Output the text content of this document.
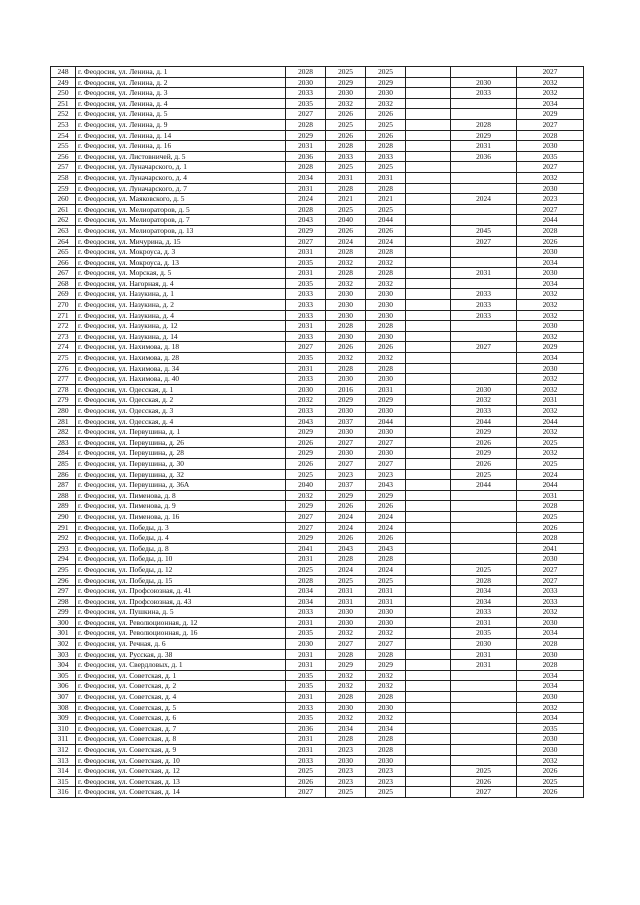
248	г. Феодосия, ул. Ленина, д. 1	2028	2025	2025			2027
249	г. Феодосия, ул. Ленина, д. 2	2030	2029	2029		2030	2032
250	г. Феодосия, ул. Ленина, д. 3	2033	2030	2030		2033	2032
251	г. Феодосия, ул. Ленина, д. 4	2035	2032	2032			2034
252	г. Феодосия, ул. Ленина, д. 5	2027	2026	2026			2029
253	г. Феодосия, ул. Ленина, д. 9	2028	2025	2025		2028	2027
254	г. Феодосия, ул. Ленина, д. 14	2029	2026	2026		2029	2028
255	г. Феодосия, ул. Ленина, д. 16	2031	2028	2028		2031	2030
256	г. Феодосия, ул. Листовничей, д. 5	2036	2033	2033		2036	2035
257	г. Феодосия, ул. Луначарского, д. 1	2028	2025	2025			2027
258	г. Феодосия, ул. Луначарского, д. 4	2034	2031	2031			2032
259	г. Феодосия, ул. Луначарского, д. 7	2031	2028	2028			2030
260	г. Феодосия, ул. Маяковского, д. 5	2024	2021	2021		2024	2023
261	г. Феодосия, ул. Мелиораторов, д. 5	2028	2025	2025			2027
262	г. Феодосия, ул. Мелиораторов, д. 7	2043	2040	2044			2044
263	г. Феодосия, ул. Мелиораторов, д. 13	2029	2026	2026		2045	2028
264	г. Феодосия, ул. Мичурина, д. 15	2027	2024	2024		2027	2026
265	г. Феодосия, ул. Мокроуса, д. 3	2031	2028	2028			2030
266	г. Феодосия, ул. Мокроуса, д. 13	2035	2032	2032			2034
267	г. Феодосия, ул. Морская, д. 5	2031	2028	2028		2031	2030
268	г. Феодосия, ул. Нагорная, д. 4	2035	2032	2032			2034
269	г. Феодосия, ул. Назукина, д. 1	2033	2030	2030		2033	2032
270	г. Феодосия, ул. Назукина, д. 2	2033	2030	2030		2033	2032
271	г. Феодосия, ул. Назукина, д. 4	2033	2030	2030		2033	2032
272	г. Феодосия, ул. Назукина, д. 12	2031	2028	2028			2030
273	г. Феодосия, ул. Назукина, д. 14	2033	2030	2030			2032
274	г. Феодосия, ул. Нахимова, д. 18	2027	2026	2026		2027	2029
275	г. Феодосия, ул. Нахимова, д. 28	2035	2032	2032			2034
276	г. Феодосия, ул. Нахимова, д. 34	2031	2028	2028			2030
277	г. Феодосия, ул. Нахимова, д. 40	2033	2030	2030			2032
278	г. Феодосия, ул. Одесская, д. 1	2030	2016	2031		2030	2032
279	г. Феодосия, ул. Одесская, д. 2	2032	2029	2029		2032	2031
280	г. Феодосия, ул. Одесская, д. 3	2033	2030	2030		2033	2032
281	г. Феодосия, ул. Одесская, д. 4	2043	2037	2044		2044	2044
282	г. Феодосия, ул. Первушина, д. 1	2029	2030	2030		2029	2032
283	г. Феодосия, ул. Первушина, д. 26	2026	2027	2027		2026	2025
284	г. Феодосия, ул. Первушина, д. 28	2029	2030	2030		2029	2032
285	г. Феодосия, ул. Первушина, д. 30	2026	2027	2027		2026	2025
286	г. Феодосия, ул. Первушина, д. 32	2025	2023	2023		2025	2024
287	г. Феодосия, ул. Первушина, д. 36А	2040	2037	2043		2044	2044
288	г. Феодосия, ул. Пименова, д. 8	2032	2029	2029			2031
289	г. Феодосия, ул. Пименова, д. 9	2029	2026	2026			2028
290	г. Феодосия, ул. Пименова, д. 16	2027	2024	2024			2025
291	г. Феодосия, ул. Победы, д. 3	2027	2024	2024			2026
292	г. Феодосия, ул. Победы, д. 4	2029	2026	2026			2028
293	г. Феодосия, ул. Победы, д. 8	2041	2043	2043			2041
294	г. Феодосия, ул. Победы, д. 10	2031	2028	2028			2030
295	г. Феодосия, ул. Победы, д. 12	2025	2024	2024		2025	2027
296	г. Феодосия, ул. Победы, д. 15	2028	2025	2025		2028	2027
297	г. Феодосия, ул. Профсоюзная, д. 41	2034	2031	2031		2034	2033
298	г. Феодосия, ул. Профсоюзная, д. 43	2034	2031	2031		2034	2033
299	г. Феодосия, ул. Пушкина, д. 5	2033	2030	2030		2033	2032
300	г. Феодосия, ул. Революционная, д. 12	2031	2030	2030		2031	2030
301	г. Феодосия, ул. Революционная, д. 16	2035	2032	2032		2035	2034
302	г. Феодосия, ул. Речная, д. 6	2030	2027	2027		2030	2028
303	г. Феодосия, ул. Русская, д. 38	2031	2028	2028		2031	2030
304	г. Феодосия, ул. Свердловых, д. 1	2031	2029	2029		2031	2028
305	г. Феодосия, ул. Советская, д. 1	2035	2032	2032			2034
306	г. Феодосия, ул. Советская, д. 2	2035	2032	2032			2034
307	г. Феодосия, ул. Советская, д. 4	2031	2028	2028			2030
308	г. Феодосия, ул. Советская, д. 5	2033	2030	2030			2032
309	г. Феодосия, ул. Советская, д. 6	2035	2032	2032			2034
310	г. Феодосия, ул. Советская, д. 7	2036	2034	2034			2035
311	г. Феодосия, ул. Советская, д. 8	2031	2028	2028			2030
312	г. Феодосия, ул. Советская, д. 9	2031	2023	2028			2030
313	г. Феодосия, ул. Советская, д. 10	2033	2030	2030			2032
314	г. Феодосия, ул. Советская, д. 12	2025	2023	2023		2025	2026
315	г. Феодосия, ул. Советская, д. 13	2026	2023	2023		2026	2025
316	г. Феодосия, ул. Советская, д. 14	2027	2025	2025		2027	2026
